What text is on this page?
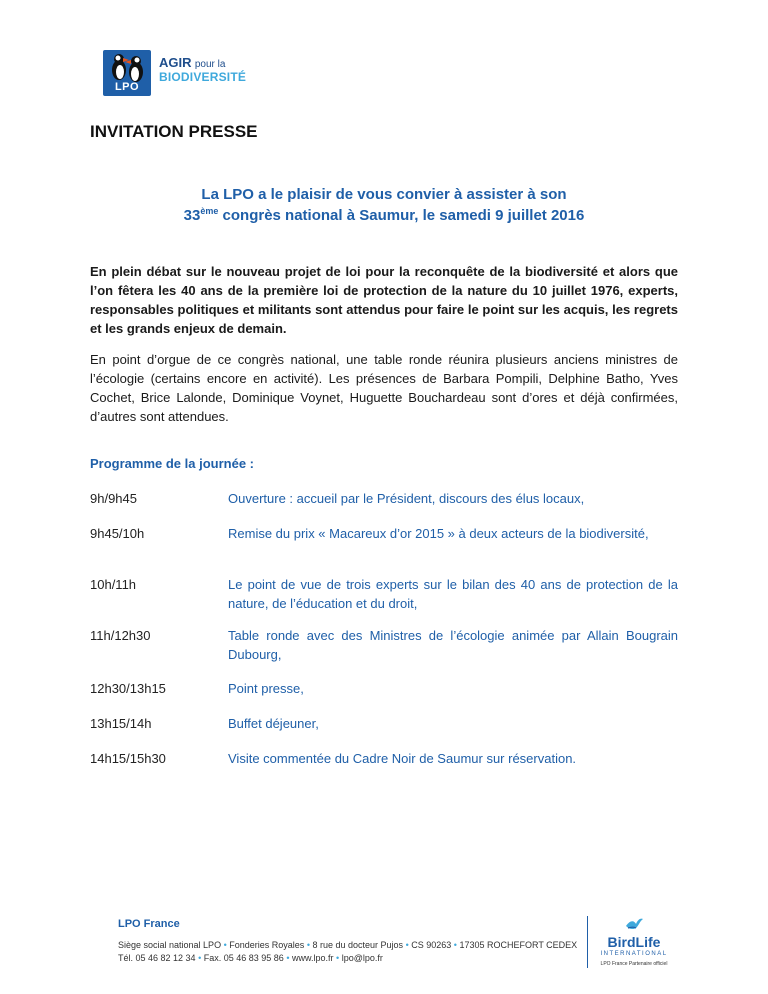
LPO
AGIR pour la
BIODIVERSITÉ
INVITATION PRESSE
La LPO a le plaisir de vous convier à assister à son
33ème congrès national à Saumur, le samedi 9 juillet 2016
En plein débat sur le nouveau projet de loi pour la reconquête de la biodiversité et alors que l’on fêtera les 40 ans de la première loi de protection de la nature du 10 juillet 1976, experts, responsables politiques et militants sont attendus pour faire le point sur les acquis, les regrets et les grands enjeux de demain.
En point d’orgue de ce congrès national, une table ronde réunira plusieurs anciens ministres de l’écologie (certains encore en activité). Les présences de Barbara Pompili, Delphine Batho, Yves Cochet, Brice Lalonde, Dominique Voynet, Huguette Bouchardeau sont d’ores et déjà confirmées, d’autres sont attendues.
Programme de la journée :
9h/9h45	Ouverture : accueil par le Président, discours des élus locaux,
9h45/10h	Remise du prix « Macareux d’or 2015 » à deux acteurs de la biodiversité,
10h/11h	Le point de vue de trois experts sur le bilan des 40 ans de protection de la nature, de l’éducation et du droit,
11h/12h30	Table ronde avec des Ministres de l’écologie animée par Allain Bougrain Dubourg,
12h30/13h15	Point presse,
13h15/14h	Buffet déjeuner,
14h15/15h30	Visite commentée du Cadre Noir de Saumur sur réservation.
LPO France
Siège social national LPO • Fonderies Royales • 8 rue du docteur Pujos • CS 90263 • 17305 ROCHEFORT CEDEX
Tél. 05 46 82 12 34 • Fax. 05 46 83 95 86 • www.lpo.fr • lpo@lpo.fr
BirdLife
INTERNATIONAL
LPO France Partenaire officiel
